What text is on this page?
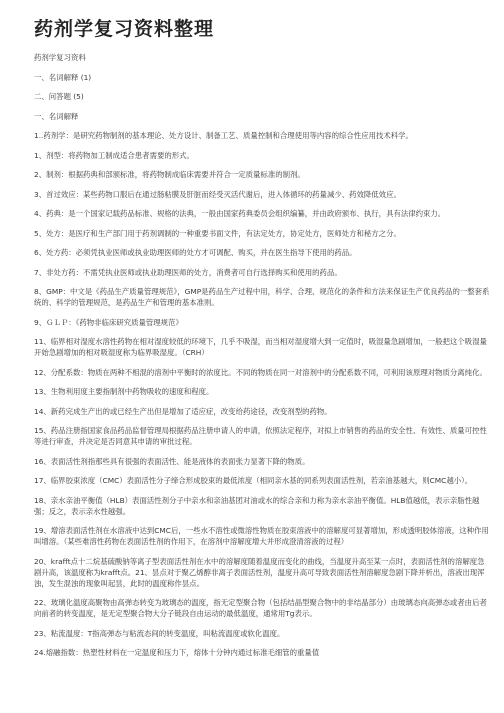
药剂学复习资料整理

药剂学复习资料

一、名词解释 (1)

二、问答题 (5)

一、名词解释

1..药剂学：是研究药物制剂的基本理论、处方设计、制备工艺、质量控制和合理使用等内容的综合性应用技术科学。

1、剂型：将药物加工制成适合患者需要的形式。

2、制剂：根据药典和部颁标准，将药物制成临床需要并符合一定质量标准的制剂。

3、首过效应：某些药物口服后在通过肠粘膜及肝脏而经受灭活代谢后，进入体循环的药量减少、药效降低效应。

4、药典：是一个国家记载药品标准、规格的法典，一般由国家药典委员会组织编纂，并由政府颁布、执行，具有法律约束力。

5、处方：是医疗和生产部门用于药剂调制的一种重要书面文件，有法定处方，协定处方，医师处方和秘方之分。

6、处方药：必须凭执业医师或执业助理医师的处方才可调配、购买，并在医生指导下使用的药品。

7、非处方药：不需凭执业医师或执业助理医师的处方，消费者可自行选择购买和使用的药品。

8、GMP：中文是《药品生产质量管理规范》，GMP是药品生产过程中用，科学、合理、规范化的条件和方法来保证生产优良药品的一整套系统的、科学的管理规范，是药品生产和管理的基本准则。

9、ＧＬＰ：《药物非临床研究质量管理规范》

11、临界相对湿度水溶性药物在相对湿度较低的环境下，几乎不吸湿，而当相对湿度增大到一定值时，吸湿量急剧增加，一般把这个吸湿量开始急剧增加的相对吸湿度称为临界吸湿度。（CRH）

12、分配系数：物质在两种不相混的溶剂中平衡时的浓度比。不同的物质在同一对溶剂中的分配系数不同，可利用该原理对物质分离纯化。

13、生物利用度主要指制剂中药物吸收的速度和程度。

14、新药完成生产出的或已经生产出但是增加了适应症，改变给药途径，改变剂型的药物。

15、药品注册指国家食品药品监督管理局根据药品注册申请人的申请，依照法定程序，对拟上市销售的药品的安全性、有效性、质量可控性等进行审查，并决定是否同意其申请的审批过程。

16、表面活性剂指那些具有很强的表面活性、能是液体的表面张力显著下降的物质。

17、临界胶束浓度（CMC）表面活性分子缔合形成胶束的最低浓度（相同亲水基的同系列表面活性剂，若亲油基越大，则CMC越小）。

18、亲水亲油平衡值（HLB）表面活性剂分子中亲水和亲油基团对油或水的综合亲和力称为亲水亲油平衡值。HLB值越低，表示亲脂性越强；反之，表示亲水性越强。

19、增溶表面活性剂在水溶液中达到CMC后，一些水不溶性或微溶性物质在胶束溶液中的溶解度可显著增加，形成透明胶体溶液，这种作用叫增溶。（某些难溶性药物在表面活性剂的作用下，在溶剂中溶解度增大并形成澄清溶液的过程）

20、krafft点十二烷基硫酸钠等离子型表面活性剂在水中的溶解度随着温度而变化的曲线，当温度升高至某一点时，表面活性剂的溶解度急剧升高，该温度称为krafft点。21、昙点对于聚乙烯醇非离子表面活性剂，温度升高可导致表面活性剂溶解度急剧下降并析出，溶液出现浑浊，发生混浊的现象叫起昙，此时的温度称作昙点。

22、玻璃化温度高聚物由高弹态转变为玻璃态的温度，指无定型聚合物（包括结晶型聚合物中的非结晶部分）由玻璃态向高弹态或者由后者向前者的转变温度，是无定型聚合物大分子链段自由运动的最低温度，通常用Tg表示。

23、粘流温度：T指高弹态与粘流态间的转变温度，叫粘流温度或软化温度。

24.熔融指数：热塑性材料在一定温度和压力下，熔体十分钟内通过标准毛细管的重量值
